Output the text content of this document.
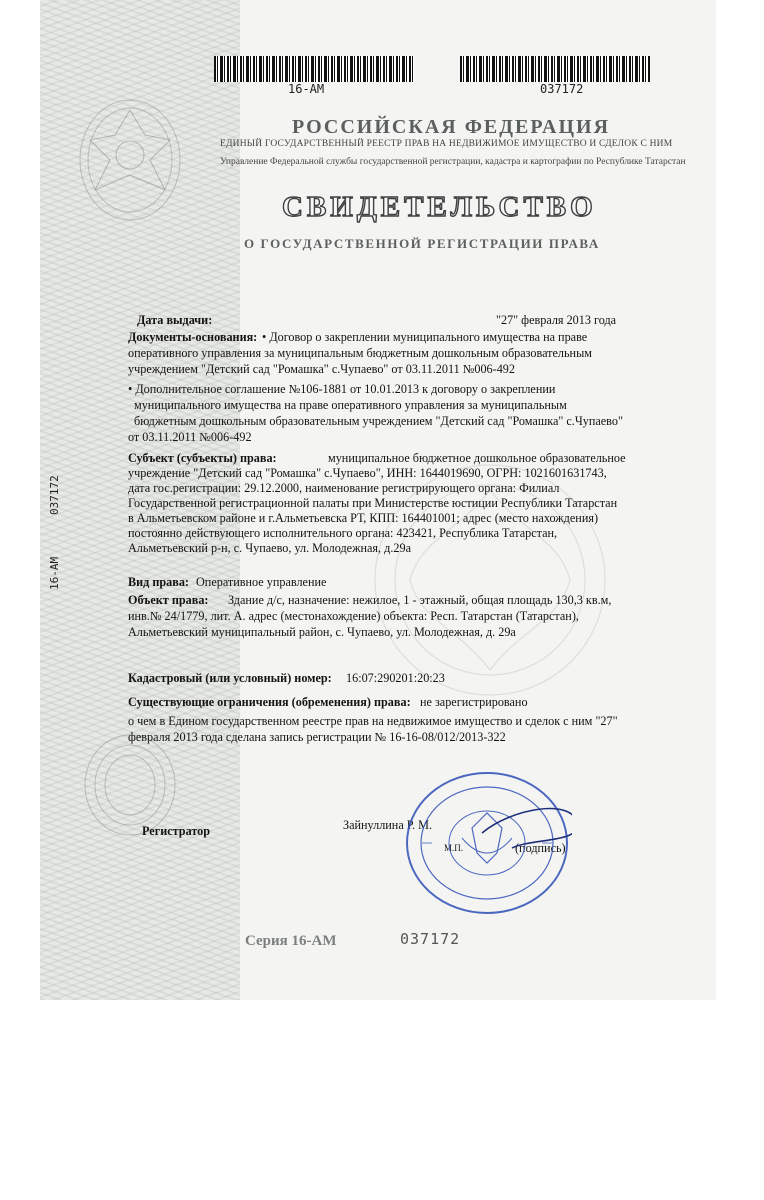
16-AM	037172
РОССИЙСКАЯ ФЕДЕРАЦИЯ
ЕДИНЫЙ ГОСУДАРСТВЕННЫЙ РЕЕСТР ПРАВ НА НЕДВИЖИМОЕ ИМУЩЕСТВО И СДЕЛОК С НИМ
Управление Федеральной службы государственной регистрации, кадастра и картографии по Республике Татарстан
СВИДЕТЕЛЬСТВО
О ГОСУДАРСТВЕННОЙ РЕГИСТРАЦИИ ПРАВА
037172
16-AM
Дата выдачи:	"27" февраля 2013 года
Документы-основания: • Договор о закреплении муниципального имущества на праве
оперативного управления за муниципальным бюджетным дошкольным образовательным
учреждением "Детский сад "Ромашка" с.Чупаево" от 03.11.2011 №006-492
• Дополнительное соглашение №106-1881 от 10.01.2013 к договору о закреплении
муниципального имущества на праве оперативного управления за муниципальным
бюджетным дошкольным образовательным учреждением "Детский сад "Ромашка" с.Чупаево"
от 03.11.2011 №006-492
Субъект (субъекты) права:	муниципальное бюджетное дошкольное образовательное
учреждение "Детский сад "Ромашка" с.Чупаево", ИНН: 1644019690, ОГРН: 1021601631743,
дата гос.регистрации: 29.12.2000, наименование регистрирующего органа: Филиал
Государственной регистрационной палаты при Министерстве юстиции Республики Татарстан
в Альметьевском районе и г.Альметьевска РТ, КПП: 164401001; адрес (место нахождения)
постоянно действующего исполнительного органа: 423421, Республика Татарстан,
Альметьевский р-н, с. Чупаево, ул. Молодежная, д.29а
Вид права: Оперативное управление
Объект права: Здание д/с, назначение: нежилое, 1 - этажный, общая площадь 130,3 кв.м,
инв.№ 24/1779, лит. А. адрес (местонахождение) объекта: Респ. Татарстан (Татарстан),
Альметьевский муниципальный район, с. Чупаево, ул. Молодежная, д. 29а
Кадастровый (или условный) номер: 16:07:290201:20:23
Существующие ограничения (обременения) права: не зарегистрировано
о чем в Едином государственном реестре прав на недвижимое имущество и сделок с ним "27"
февраля 2013 года сделана запись регистрации № 16-16-08/012/2013-322
Регистратор	Зайнуллина Р. М.
(подпись)
М.П.
Серия 16-АМ	037172
